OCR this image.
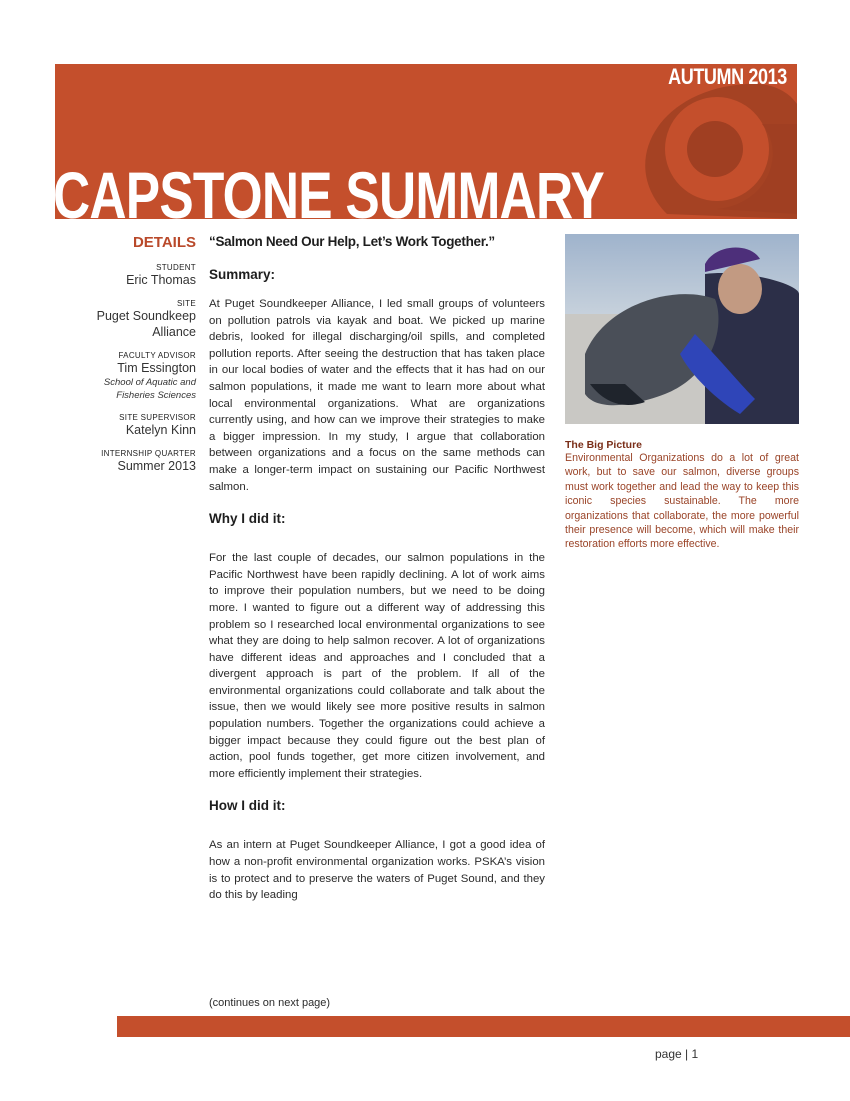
AUTUMN 2013
CAPSTONE SUMMARY
DETAILS
STUDENT
Eric Thomas
SITE
Puget Soundkeep Alliance
FACULTY ADVISOR
Tim Essington
School of Aquatic and Fisheries Sciences
SITE SUPERVISOR
Katelyn Kinn
INTERNSHIP QUARTER
Summer 2013
“Salmon Need Our Help, Let’s Work Together.”
Summary:

At Puget Soundkeeper Alliance, I led small groups of volunteers on pollution patrols via kayak and boat. We picked up marine debris, looked for illegal discharging/oil spills, and completed pollution reports. After seeing the destruction that has taken place in our local bodies of water and the effects that it has had on our salmon populations, it made me want to learn more about what local environmental organizations. What are organizations currently using, and how can we improve their strategies to make a bigger impression. In my study, I argue that collaboration between organizations and a focus on the same methods can make a longer-term impact on sustaining our Pacific Northwest salmon.

Why I did it:

For the last couple of decades, our salmon populations in the Pacific Northwest have been rapidly declining. A lot of work aims to improve their population numbers, but we need to be doing more. I wanted to figure out a different way of addressing this problem so I researched local environmental organizations to see what they are doing to help salmon recover. A lot of organizations have different ideas and approaches and I concluded that a divergent approach is part of the problem. If all of the environmental organizations could collaborate and talk about the issue, then we would likely see more positive results in salmon population numbers. Together the organizations could achieve a bigger impact because they could figure out the best plan of action, pool funds together, get more citizen involvement, and more efficiently implement their strategies.

How I did it:

As an intern at Puget Soundkeeper Alliance, I got a good idea of how a non-profit environmental organization works. PSKA’s vision is to protect and to preserve the waters of Puget Sound, and they do this by leading

(continues on next page)
The Big Picture
Environmental Organizations do a lot of great work, but to save our salmon, diverse groups must work together and lead the way to keep this iconic species sustainable. The more organizations that collaborate, the more powerful their presence will become, which will make their restoration efforts more effective.
page | 1
